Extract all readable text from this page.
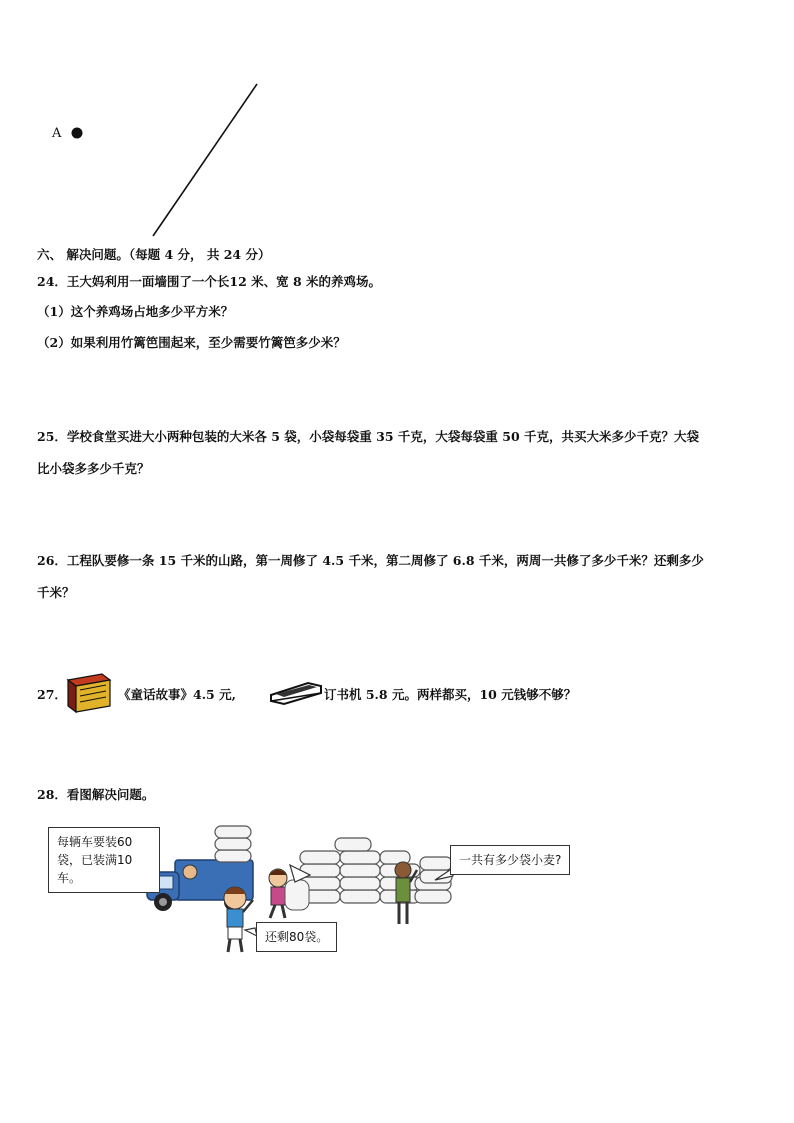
A
六、 解决问题。（每题 4 分， 共 24 分）
24．王大妈利用一面墙围了一个长12 米、宽 8 米的养鸡场。
（1）这个养鸡场占地多少平方米？
（2）如果利用竹篱笆围起来，至少需要竹篱笆多少米？
25．学校食堂买进大小两种包装的大米各 5 袋，小袋每袋重 35 千克，大袋每袋重 50 千克，共买大米多少千克？大袋
比小袋多多少千克？
26．工程队要修一条 15 千米的山路，第一周修了 4.5 千米，第二周修了 6.8 千米，两周一共修了多少千米？还剩多少
千米？
27．	《童话故事》4.5 元,	订书机 5.8 元。两样都买，10 元钱够不够？
28．看图解决问题。
每辆车要装60袋，已装满10车。
一共有多少袋小麦?
还剩80袋。
